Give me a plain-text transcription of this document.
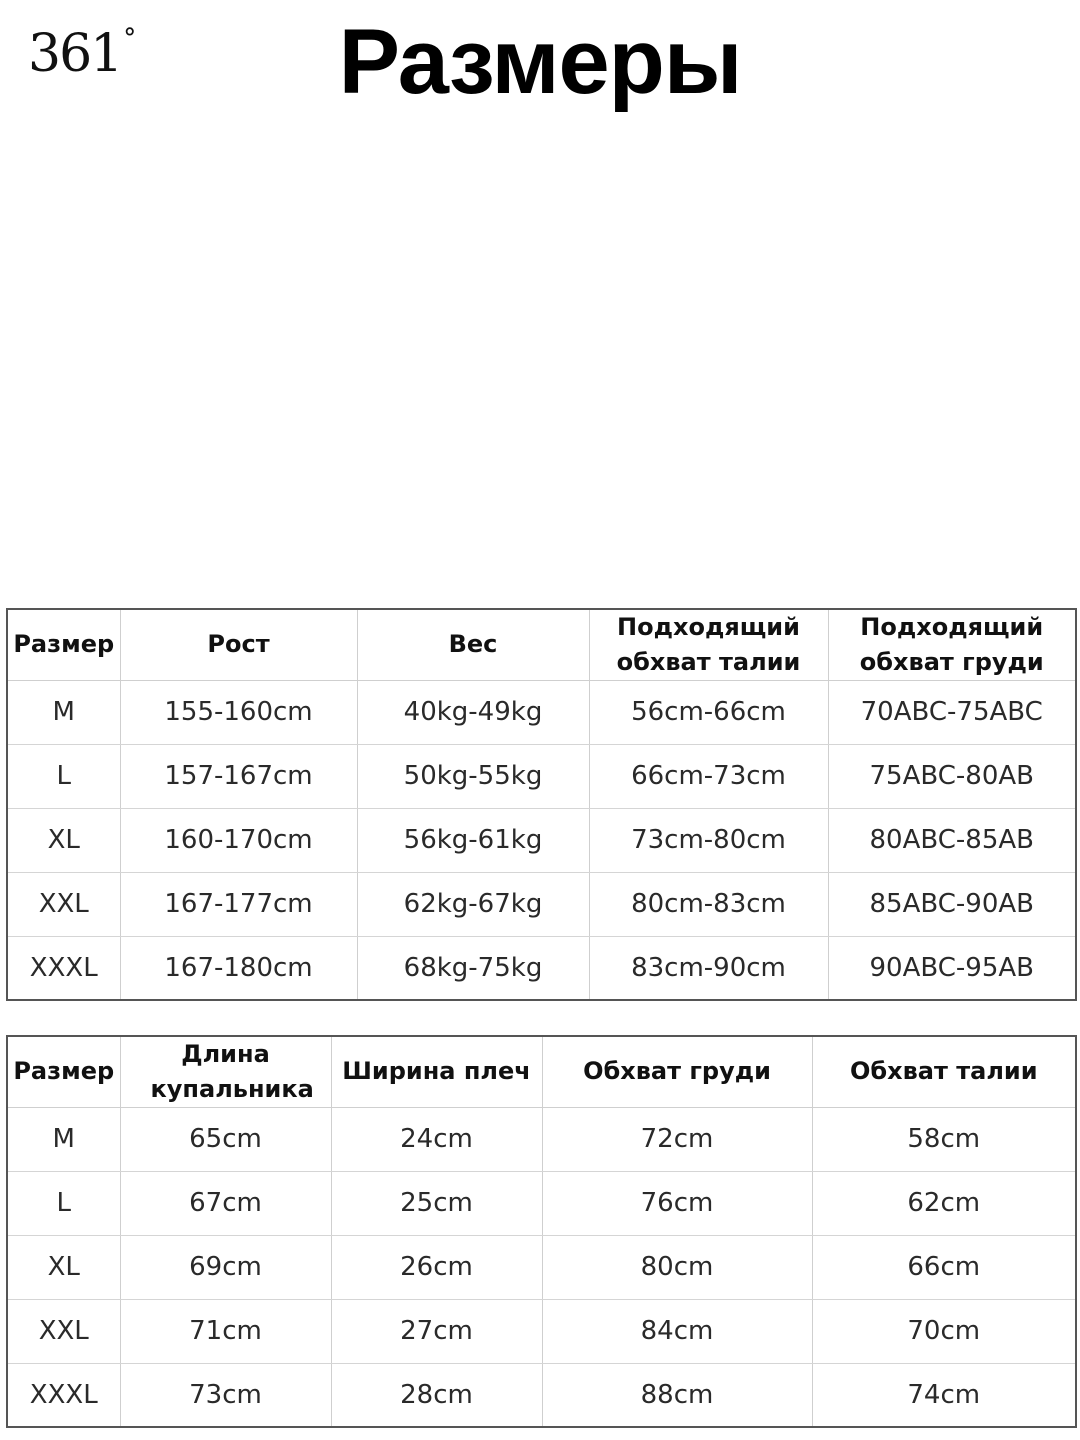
361°	Размеры
Размер	Рост	Вес	Подходящий обхват талии	Подходящий обхват груди
M	155-160cm	40kg-49kg	56cm-66cm	70ABC-75ABC
L	157-167cm	50kg-55kg	66cm-73cm	75ABC-80AB
XL	160-170cm	56kg-61kg	73cm-80cm	80ABC-85AB
XXL	167-177cm	62kg-67kg	80cm-83cm	85ABC-90AB
XXXL	167-180cm	68kg-75kg	83cm-90cm	90ABC-95AB
Размер	Длина купальника	Ширина плеч	Обхват груди	Обхват талии
M	65cm	24cm	72cm	58cm
L	67cm	25cm	76cm	62cm
XL	69cm	26cm	80cm	66cm
XXL	71cm	27cm	84cm	70cm
XXXL	73cm	28cm	88cm	74cm
